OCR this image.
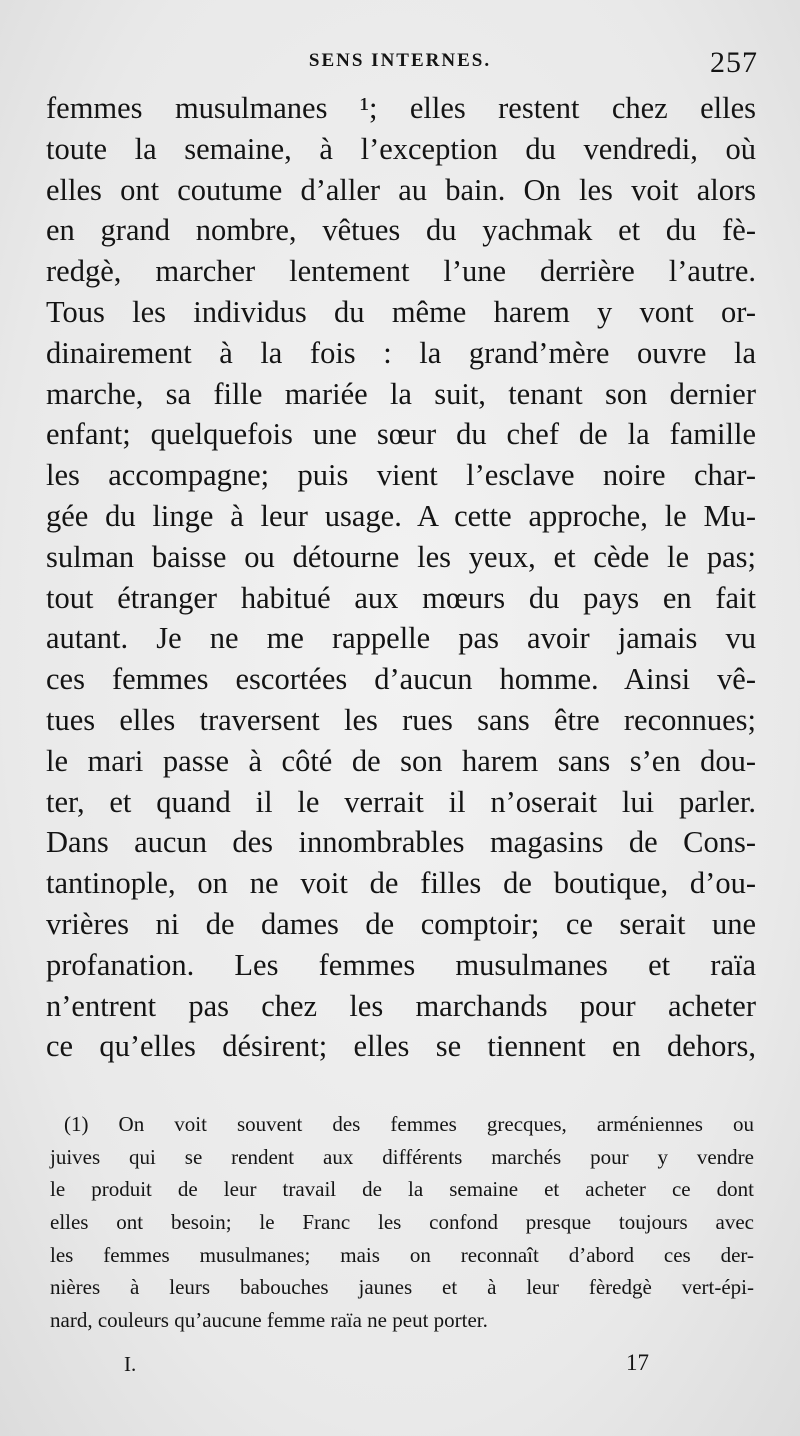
SENS INTERNES.	257
femmes musulmanes ¹; elles restent chez elles
toute la semaine, à l’exception du vendredi, où
elles ont coutume d’aller au bain. On les voit alors
en grand nombre, vêtues du yachmak et du fè-
redgè, marcher lentement l’une derrière l’autre.
Tous les individus du même harem y vont or-
dinairement à la fois : la grand’mère ouvre la
marche, sa fille mariée la suit, tenant son dernier
enfant; quelquefois une sœur du chef de la famille
les accompagne; puis vient l’esclave noire char-
gée du linge à leur usage. A cette approche, le Mu-
sulman baisse ou détourne les yeux, et cède le pas;
tout étranger habitué aux mœurs du pays en fait
autant. Je ne me rappelle pas avoir jamais vu
ces femmes escortées d’aucun homme. Ainsi vê-
tues elles traversent les rues sans être reconnues;
le mari passe à côté de son harem sans s’en dou-
ter, et quand il le verrait il n’oserait lui parler.
Dans aucun des innombrables magasins de Cons-
tantinople, on ne voit de filles de boutique, d’ou-
vrières ni de dames de comptoir; ce serait une
profanation. Les femmes musulmanes et raïa
n’entrent pas chez les marchands pour acheter
ce qu’elles désirent; elles se tiennent en dehors,
(1) On voit souvent des femmes grecques, arméniennes ou
juives qui se rendent aux différents marchés pour y vendre
le produit de leur travail de la semaine et acheter ce dont
elles ont besoin; le Franc les confond presque toujours avec
les femmes musulmanes; mais on reconnaît d’abord ces der-
nières à leurs babouches jaunes et à leur fèredgè vert-épi-
nard, couleurs qu’aucune femme raïa ne peut porter.
I.	17
